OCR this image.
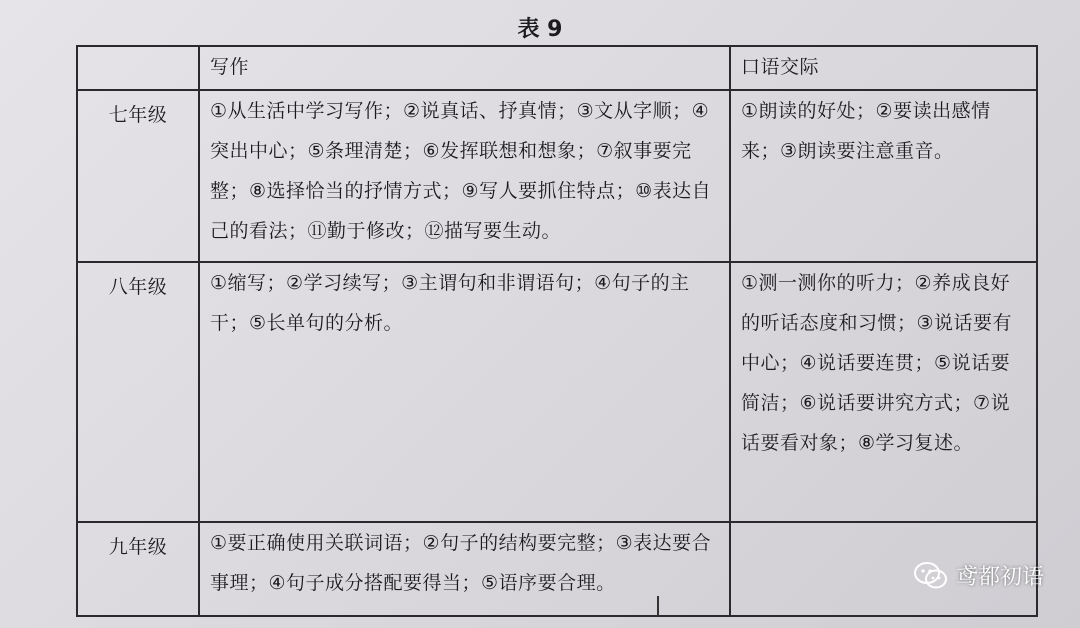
表 9
	写作	口语交际

七年级	①从生活中学习写作；②说真话、抒真情；③文从字顺；④突出中心；⑤条理清楚；⑥发挥联想和想象；⑦叙事要完整；⑧选择恰当的抒情方式；⑨写人要抓住特点；⑩表达自己的看法；⑪勤于修改；⑫描写要生动。	①朗读的好处；②要读出感情来；③朗读要注意重音。

八年级	①缩写；②学习续写；③主谓句和非谓语句；④句子的主干；⑤长单句的分析。	①测一测你的听力；②养成良好的听话态度和习惯；③说话要有中心；④说话要连贯；⑤说话要简洁；⑥说话要讲究方式；⑦说话要看对象；⑧学习复述。

九年级	①要正确使用关联词语；②句子的结构要完整；③表达要合事理；④句子成分搭配要得当；⑤语序要合理。	
		鸢都初语
